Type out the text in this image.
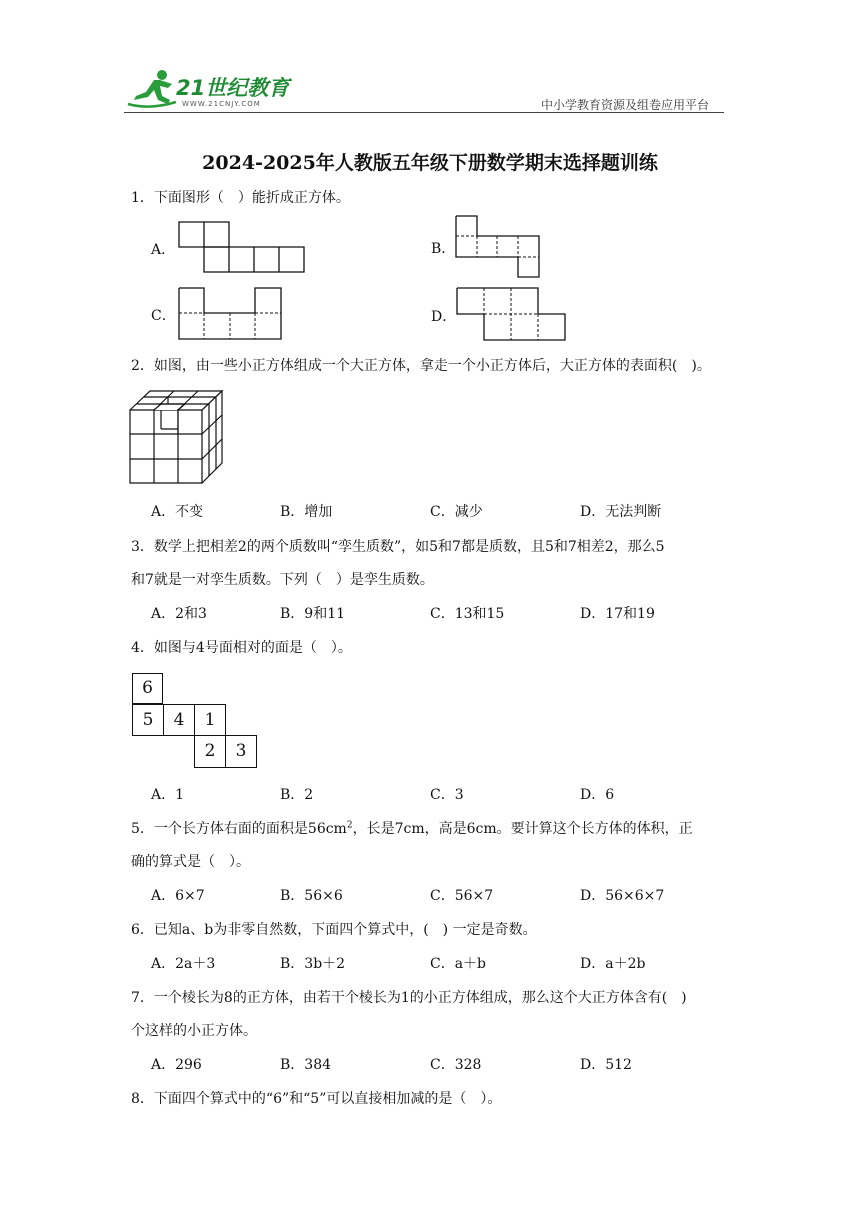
21世纪教育
WWW.21CNJY.COM	中小学教育资源及组卷应用平台
2024-2025年人教版五年级下册数学期末选择题训练
1．下面图形（　）能折成正方体。
A．	B．
C．	D．
2．如图，由一些小正方体组成一个大正方体，拿走一个小正方体后，大正方体的表面积(　)。
A．不变	B．增加	C．减少	D．无法判断
3．数学上把相差2的两个质数叫“孪生质数”，如5和7都是质数，且5和7相差2，那么5
和7就是一对孪生质数。下列（　）是孪生质数。
A．2和3	B．9和11	C．13和15	D．17和19
4．如图与4号面相对的面是（　）。
6
5	4	1
2	3
A．1	B．2	C．3	D．6
5．一个长方体右面的面积是$56cm^2$，长是7cm，高是6cm。要计算这个长方体的体积，正
确的算式是（　）。
A．6×7	B．56×6	C．56×7	D．56×6×7
6．已知a、b为非零自然数，下面四个算式中，(　) 一定是奇数。
A．2a＋3	B．3b＋2	C．a＋b	D．a＋2b
7．一个棱长为8的正方体，由若干个棱长为1的小正方体组成，那么这个大正方体含有(　)
个这样的小正方体。
A．296	B．384	C．328	D．512
8．下面四个算式中的“6”和“5”可以直接相加减的是（　）。
